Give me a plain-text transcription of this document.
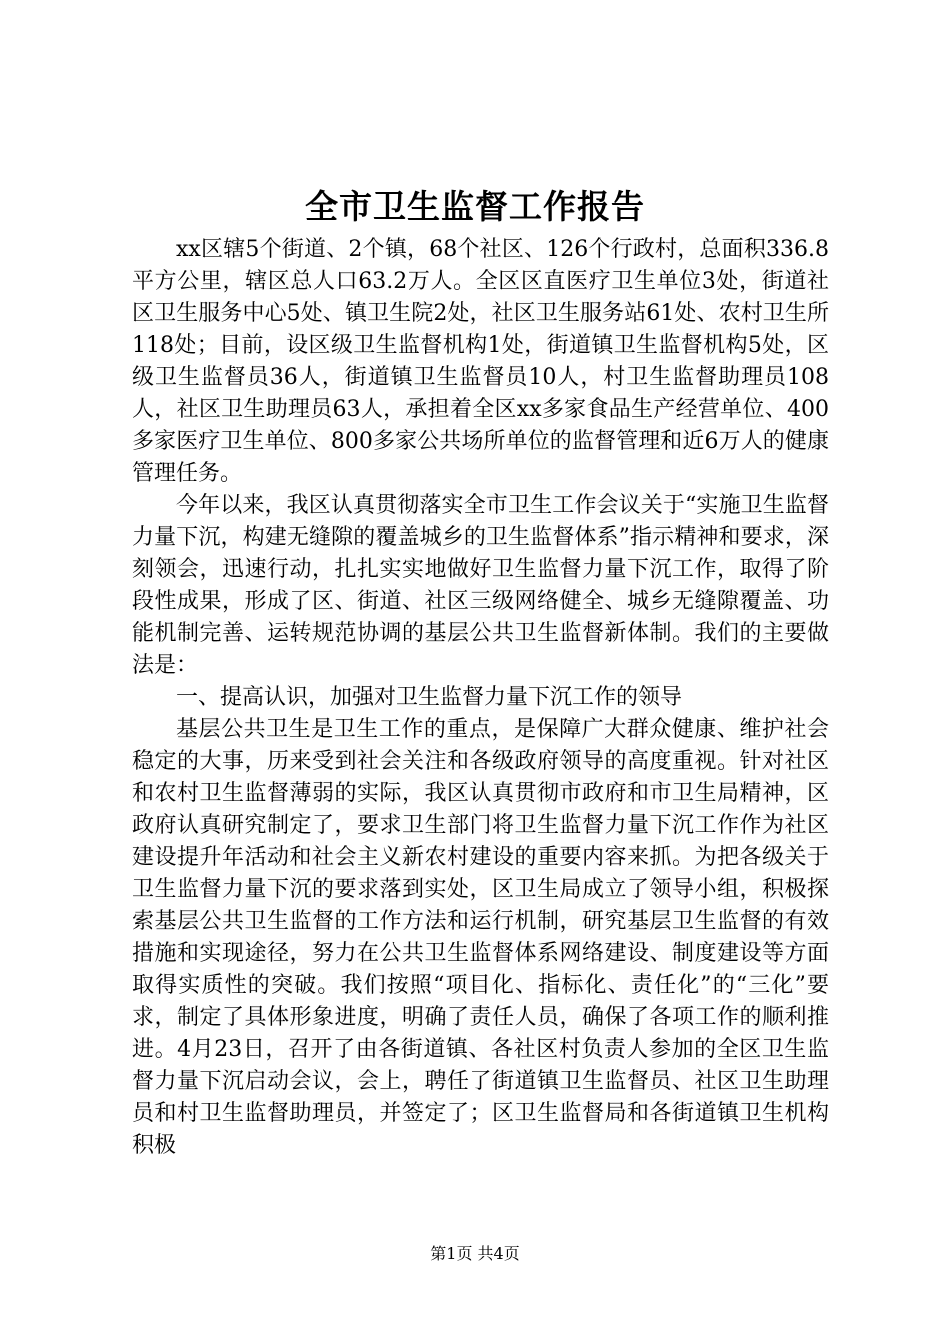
全市卫生监督工作报告

xx区辖5个街道、2个镇，68个社区、126个行政村，总面积336.8平方公里，辖区总人口63.2万人。全区区直医疗卫生单位3处，街道社区卫生服务中心5处、镇卫生院2处，社区卫生服务站61处、农村卫生所118处；目前，设区级卫生监督机构1处，街道镇卫生监督机构5处，区级卫生监督员36人，街道镇卫生监督员10人，村卫生监督助理员108人，社区卫生助理员63人，承担着全区xx多家食品生产经营单位、400多家医疗卫生单位、800多家公共场所单位的监督管理和近6万人的健康管理任务。

今年以来，我区认真贯彻落实全市卫生工作会议关于“实施卫生监督力量下沉，构建无缝隙的覆盖城乡的卫生监督体系”指示精神和要求，深刻领会，迅速行动，扎扎实实地做好卫生监督力量下沉工作，取得了阶段性成果，形成了区、街道、社区三级网络健全、城乡无缝隙覆盖、功能机制完善、运转规范协调的基层公共卫生监督新体制。我们的主要做法是：

一、提高认识，加强对卫生监督力量下沉工作的领导

基层公共卫生是卫生工作的重点，是保障广大群众健康、维护社会稳定的大事，历来受到社会关注和各级政府领导的高度重视。针对社区和农村卫生监督薄弱的实际，我区认真贯彻市政府和市卫生局精神，区政府认真研究制定了，要求卫生部门将卫生监督力量下沉工作作为社区建设提升年活动和社会主义新农村建设的重要内容来抓。为把各级关于卫生监督力量下沉的要求落到实处，区卫生局成立了领导小组，积极探索基层公共卫生监督的工作方法和运行机制，研究基层卫生监督的有效措施和实现途径，努力在公共卫生监督体系网络建设、制度建设等方面取得实质性的突破。我们按照“项目化、指标化、责任化”的“三化”要求，制定了具体形象进度，明确了责任人员，确保了各项工作的顺利推进。4月23日，召开了由各街道镇、各社区村负责人参加的全区卫生监督力量下沉启动会议，会上，聘任了街道镇卫生监督员、社区卫生助理员和村卫生监督助理员，并签定了；区卫生监督局和各街道镇卫生机构积极

第1页 共4页
